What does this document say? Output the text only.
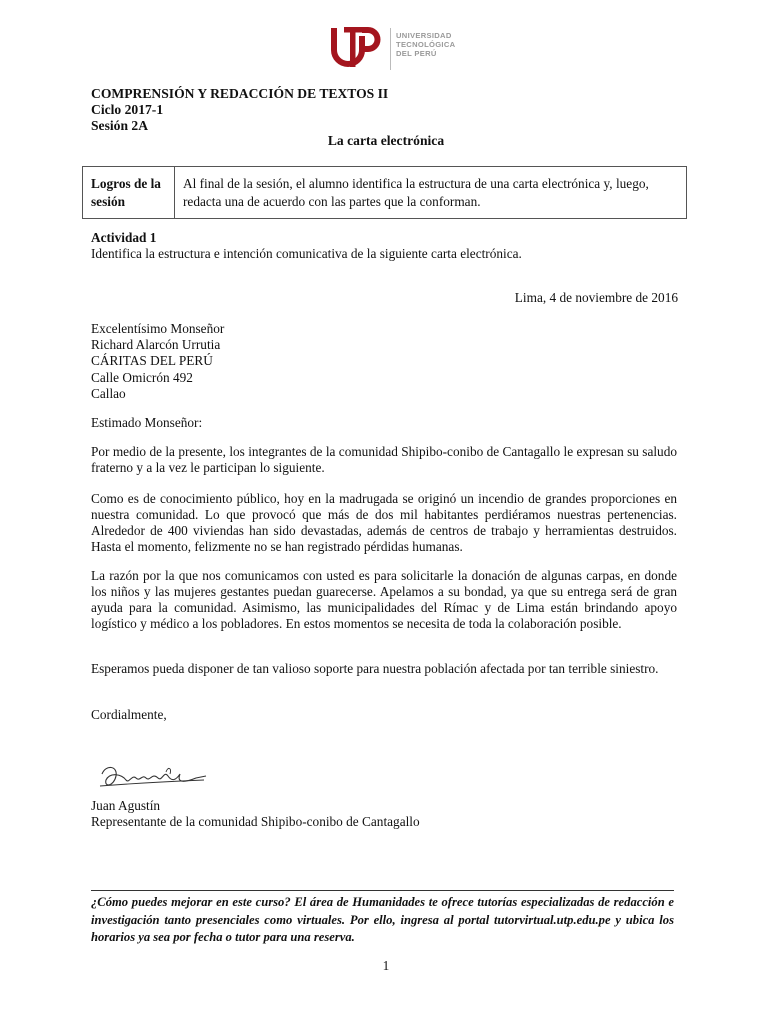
UNIVERSIDAD
TECNOLÓGICA
DEL PERÚ
COMPRENSIÓN Y REDACCIÓN DE TEXTOS II
Ciclo 2017-1
Sesión 2A
La carta electrónica
Logros de la sesión	Al final de la sesión, el alumno identifica la estructura de una carta electrónica y, luego, redacta una de acuerdo con las partes que la conforman.
Actividad 1
Identifica la estructura e intención comunicativa de la siguiente carta electrónica.
Lima, 4 de noviembre de 2016
Excelentísimo Monseñor
Richard Alarcón Urrutia
CÁRITAS DEL PERÚ
Calle Omicrón 492
Callao
Estimado Monseñor:
Por medio de la presente, los integrantes de la comunidad Shipibo-conibo de Cantagallo le expresan su saludo fraterno y a la vez le participan lo siguiente.
Como es de conocimiento público, hoy en la madrugada se originó un incendio de grandes proporciones en nuestra comunidad. Lo que provocó que más de dos mil habitantes perdiéramos nuestras pertenencias. Alrededor de 400 viviendas han sido devastadas, además de centros de trabajo y herramientas destruidos. Hasta el momento, felizmente no se han registrado pérdidas humanas.
La razón por la que nos comunicamos con usted es para solicitarle la donación de algunas carpas, en donde los niños y las mujeres gestantes puedan guarecerse. Apelamos a su bondad, ya que su entrega será de gran ayuda para la comunidad. Asimismo, las municipalidades del Rímac y de Lima están brindando apoyo logístico y médico a los pobladores. En estos momentos se necesita de toda la colaboración posible.
Esperamos pueda disponer de tan valioso soporte para nuestra población afectada por tan terrible siniestro.
Cordialmente,
Juan Agustín
Representante de la comunidad Shipibo-conibo de Cantagallo
¿Cómo puedes mejorar en este curso? El área de Humanidades te ofrece tutorías especializadas de redacción e investigación tanto presenciales como virtuales. Por ello, ingresa al portal tutorvirtual.utp.edu.pe y ubica los horarios ya sea por fecha o tutor para una reserva.
1
